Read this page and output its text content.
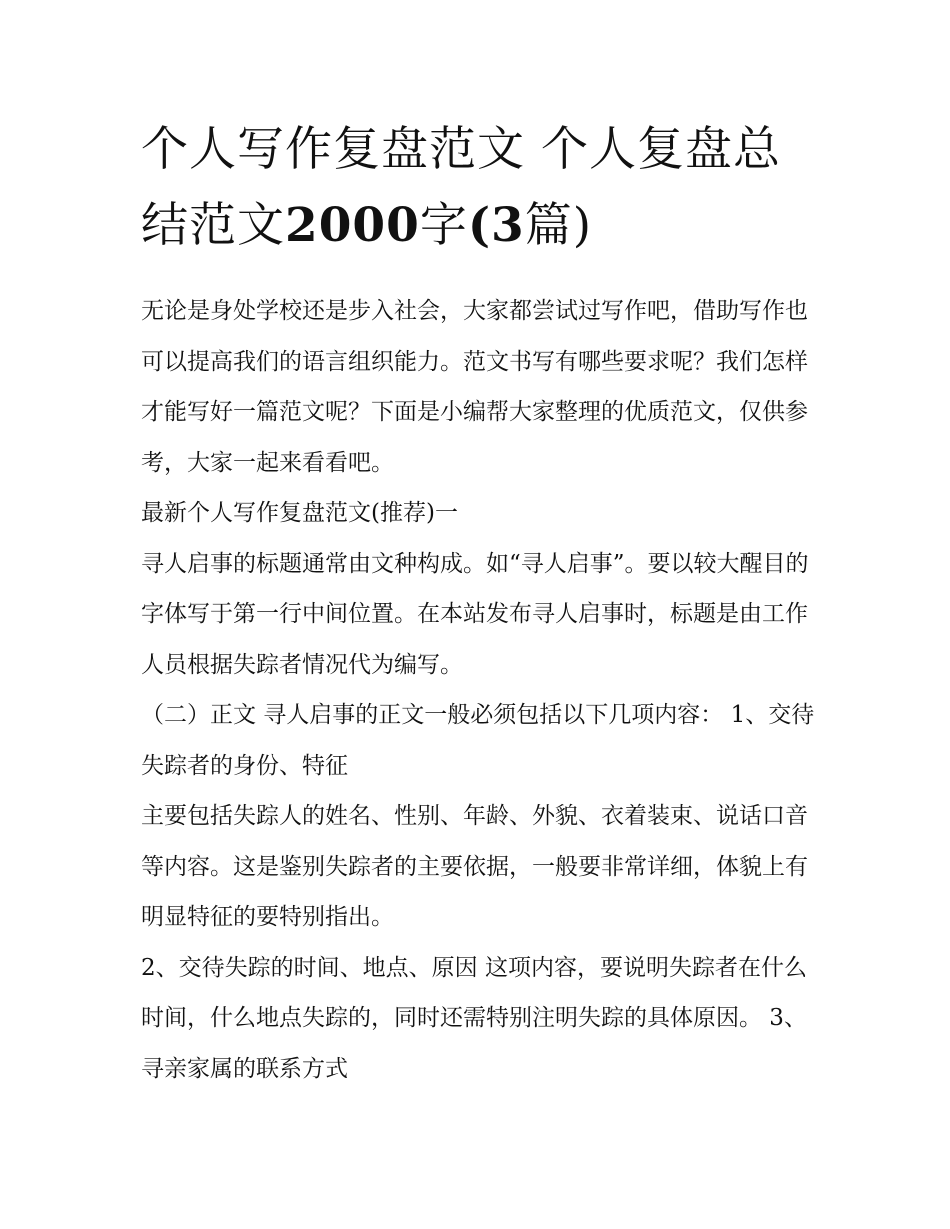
个人写作复盘范文 个人复盘总
结范文2000字(3篇)

无论是身处学校还是步入社会，大家都尝试过写作吧，借助写作也可以提高我们的语言组织能力。范文书写有哪些要求呢？我们怎样才能写好一篇范文呢？下面是小编帮大家整理的优质范文，仅供参考，大家一起来看看吧。

最新个人写作复盘范文(推荐)一

寻人启事的标题通常由文种构成。如“寻人启事”。要以较大醒目的字体写于第一行中间位置。在本站发布寻人启事时，标题是由工作人员根据失踪者情况代为编写。

（二）正文 寻人启事的正文一般必须包括以下几项内容： 1、交待失踪者的身份、特征

主要包括失踪人的姓名、性别、年龄、外貌、衣着装束、说话口音等内容。这是鉴别失踪者的主要依据，一般要非常详细，体貌上有明显特征的要特别指出。

2、交待失踪的时间、地点、原因 这项内容，要说明失踪者在什么时间，什么地点失踪的，同时还需特别注明失踪的具体原因。 3、寻亲家属的联系方式
